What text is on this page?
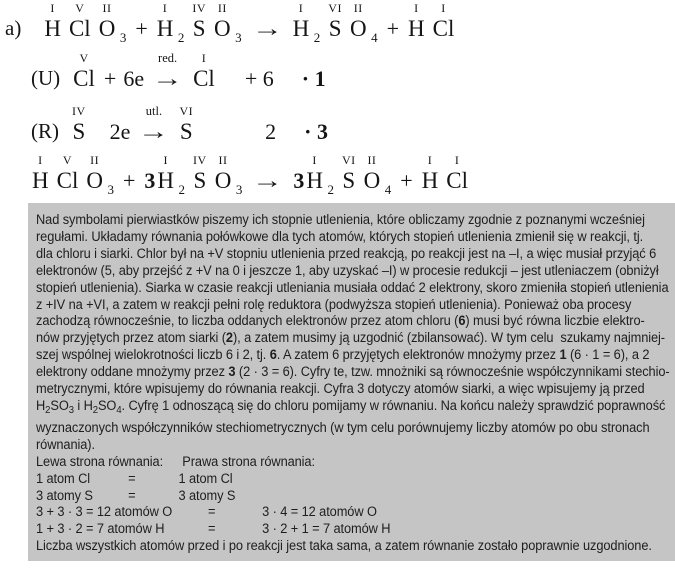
a)
I
H
V
Cl
II
O 3 +
I
H 2
IV
S
II
O 3 →
I
H 2
VI
S
II
O 4 +
I
H
I
Cl
(U)
V
Cl + 6e
red.
→
I
Cl + 6 · 1
(R)
IV
S 2e
utl.
→
VI
S	2 · 3
I
H
V
Cl
II
O 3 + 3
I
H 2
IV
S
II
O 3 → 3
I
H 2
VI
S
II
O 4 +
I
H
I
Cl
Nad symbolami pierwiastków piszemy ich stopnie utlenienia, które obliczamy zgodnie z poznanymi wcześniej
regułami. Układamy równania połówkowe dla tych atomów, których stopień utlenienia zmienił się w reakcji, tj.
dla chloru i siarki. Chlor był na +V stopniu utlenienia przed reakcją, po reakcji jest na –I, a więc musiał przyjąć 6
elektronów (5, aby przejść z +V na 0 i jeszcze 1, aby uzyskać –I) w procesie redukcji – jest utleniaczem (obniżył
stopień utlenienia). Siarka w czasie reakcji utleniania musiała oddać 2 elektrony, skoro zmieniła stopień utlenienia
z +IV na +VI, a zatem w reakcji pełni rolę reduktora (podwyższa stopień utlenienia). Ponieważ oba procesy
zachodzą równocześnie, to liczba oddanych elektronów przez atom chloru (6) musi być równa liczbie elektro-
nów przyjętych przez atom siarki (2), a zatem musimy ją uzgodnić (zbilansować). W tym celu  szukamy najmniej-
szej wspólnej wielokrotności liczb 6 i 2, tj. 6. A zatem 6 przyjętych elektronów mnożymy przez 1 (6 · 1 = 6), a 2
elektrony oddane mnożymy przez 3 (2 · 3 = 6). Cyfry te, tzw. mnożniki są równocześnie współczynnikami stechio-
metrycznymi, które wpisujemy do równania reakcji. Cyfra 3 dotyczy atomów siarki, a więc wpisujemy ją przed
$H_2SO_3$ i $H_2SO_4$. Cyfrę 1 odnoszącą się do chloru pomijamy w równaniu. Na końcu należy sprawdzić poprawność
wyznaczonych współczynników stechiometrycznych (w tym celu porównujemy liczby atomów po obu stronach
równania).
Lewa strona równania:	Prawa strona równania:
1 atom Cl	=	1 atom Cl
3 atomy S	=	3 atomy S
3 + 3 · 3 = 12 atomów O	=	3 · 4 = 12 atomów O
1 + 3 · 2 = 7 atomów H	=	3 · 2 + 1 = 7 atomów H
Liczba wszystkich atomów przed i po reakcji jest taka sama, a zatem równanie zostało poprawnie uzgodnione.
